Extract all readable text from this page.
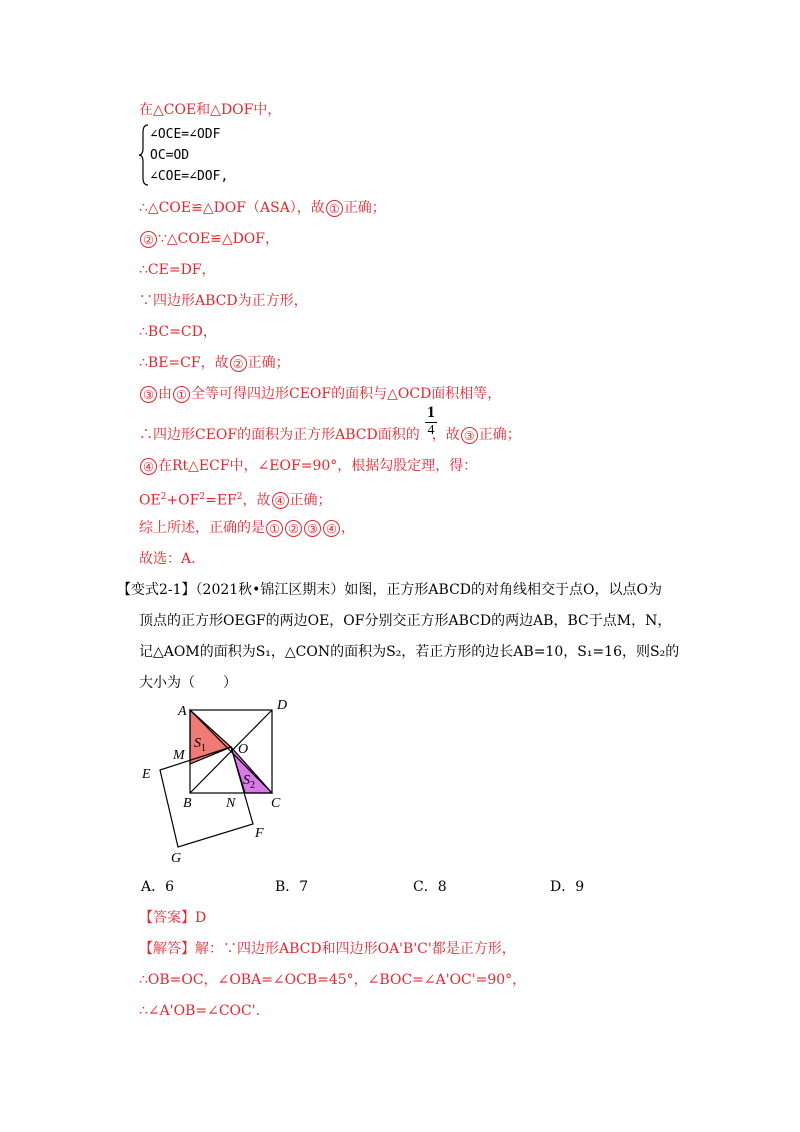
在△COE和△DOF中，
∠OCE=∠ODF
OC=OD
∠COE=∠DOF,
∴△COE≌△DOF（ASA），故 ① 正确；
② ∵△COE≌△DOF，
∴CE=DF，
∵四边形ABCD为正方形，
∴BC=CD，
∴BE=CF，故 ② 正确；
③ 由 ① 全等可得四边形CEOF的面积与△OCD面积相等，
∴四边形CEOF的面积为正方形ABCD面积的 ，故 ③ 正确；
1
4
④ 在Rt△ECF中，∠EOF=90°，根据勾股定理，得：
$OE^2+OF^2=EF^2$，故 ④ 正确；
综上所述，正确的是 ① ② ③ ④ ，
故选：A.
【变式2-1】（2021秋•锦江区期末）如图，正方形ABCD的对角线相交于点O，以点O为
顶点的正方形OEGF的两边OE，OF分别交正方形ABCD的两边AB，BC于点M，N，
记△AOM的面积为S₁，△CON的面积为S₂，若正方形的边长AB=10，S₁=16，则S₂的
大小为（　　）
A	D
M	O
E
B N	C
F
G
$S_1$
$S_2$
A．6	B．7	C．8	D．9
【答案】D
【解答】解：∵四边形ABCD和四边形OA'B'C'都是正方形，
∴OB=OC，∠OBA=∠OCB=45°，∠BOC=∠A'OC'=90°，
∴∠A'OB=∠COC'.
